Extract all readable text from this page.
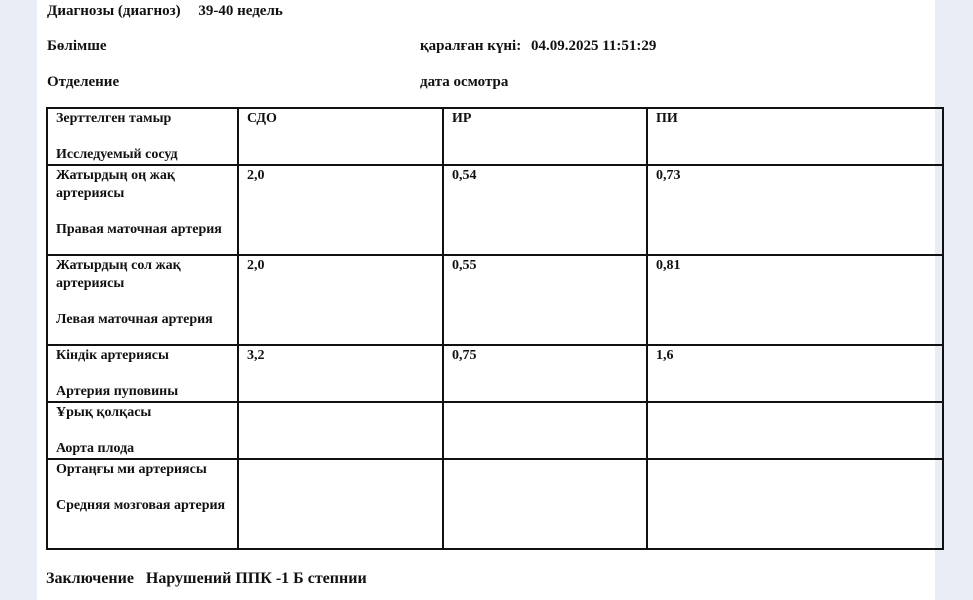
Диагнозы (диагноз) 39-40 недель
Бөлімше
Отделение
қаралған күні: 04.09.2025 11:51:29
дата осмотра
Зерттелген тамыр
Исследуемый сосуд	СДО	ИР	ПИ

Жатырдың оң жақ артериясы
Правая маточная артерия	2,0	0,54	0,73

Жатырдың сол жақ артериясы
Левая маточная артерия	2,0	0,55	0,81

Кіндік артериясы
Артерия пуповины	3,2	0,75	1,6

Ұрық қолқасы
Аорта плода			

Ортаңғы ми артериясы
Средняя мозговая артерия			

Заключение Нарушений ППК -1 Б степнии
